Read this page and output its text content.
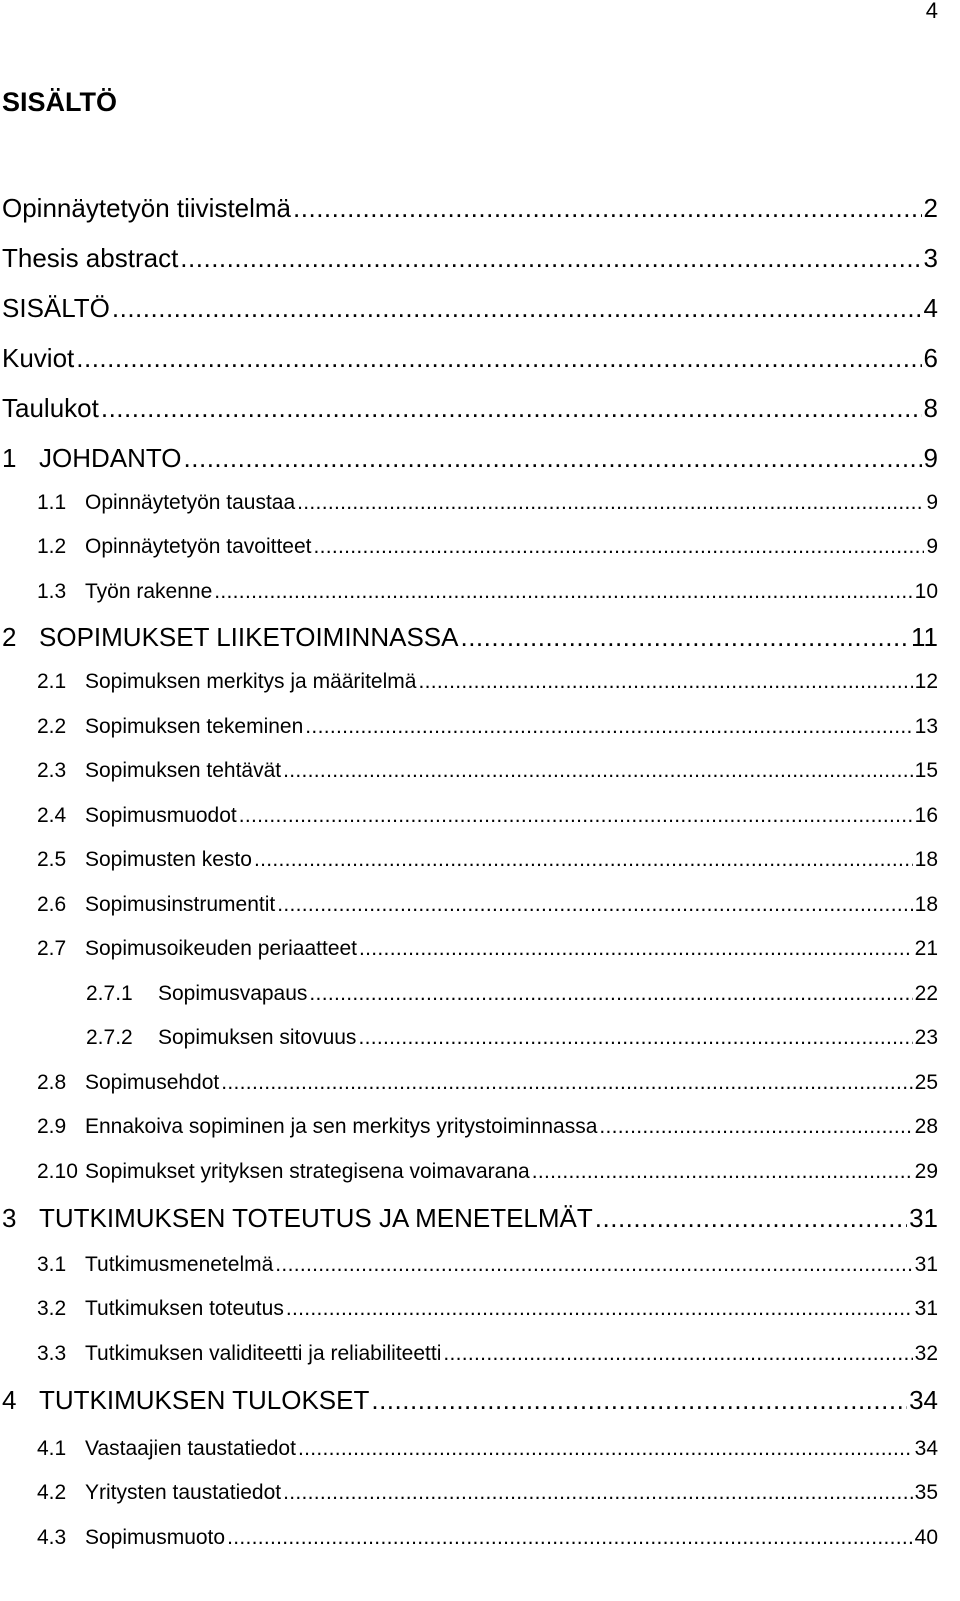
4
SISÄLTÖ
Opinnäytetyön tiivistelmä .....	2
Thesis abstract .....	3
SISÄLTÖ .....	4
Kuviot .....	6
Taulukot .....	8
1 JOHDANTO .....	9
1.1 Opinnäytetyön taustaa .....	9
1.2 Opinnäytetyön tavoitteet .....	9
1.3 Työn rakenne .....	10
2 SOPIMUKSET LIIKETOIMINNASSA .....	11
2.1 Sopimuksen merkitys ja määritelmä .....	12
2.2 Sopimuksen tekeminen .....	13
2.3 Sopimuksen tehtävät .....	15
2.4 Sopimusmuodot .....	16
2.5 Sopimusten kesto .....	18
2.6 Sopimusinstrumentit .....	18
2.7 Sopimusoikeuden periaatteet .....	21
2.7.1	Sopimusvapaus .....	22
2.7.2	Sopimuksen sitovuus .....	23
2.8 Sopimusehdot .....	25
2.9 Ennakoiva sopiminen ja sen merkitys yritystoiminnassa .....	28
2.10 Sopimukset yrityksen strategisena voimavarana .....	29
3 TUTKIMUKSEN TOTEUTUS JA MENETELMÄT .....	31
3.1 Tutkimusmenetelmä .....	31
3.2 Tutkimuksen toteutus .....	31
3.3 Tutkimuksen validiteetti ja reliabiliteetti .....	32
4 TUTKIMUKSEN TULOKSET .....	34
4.1 Vastaajien taustatiedot .....	34
4.2 Yritysten taustatiedot .....	35
4.3 Sopimusmuoto .....	40
